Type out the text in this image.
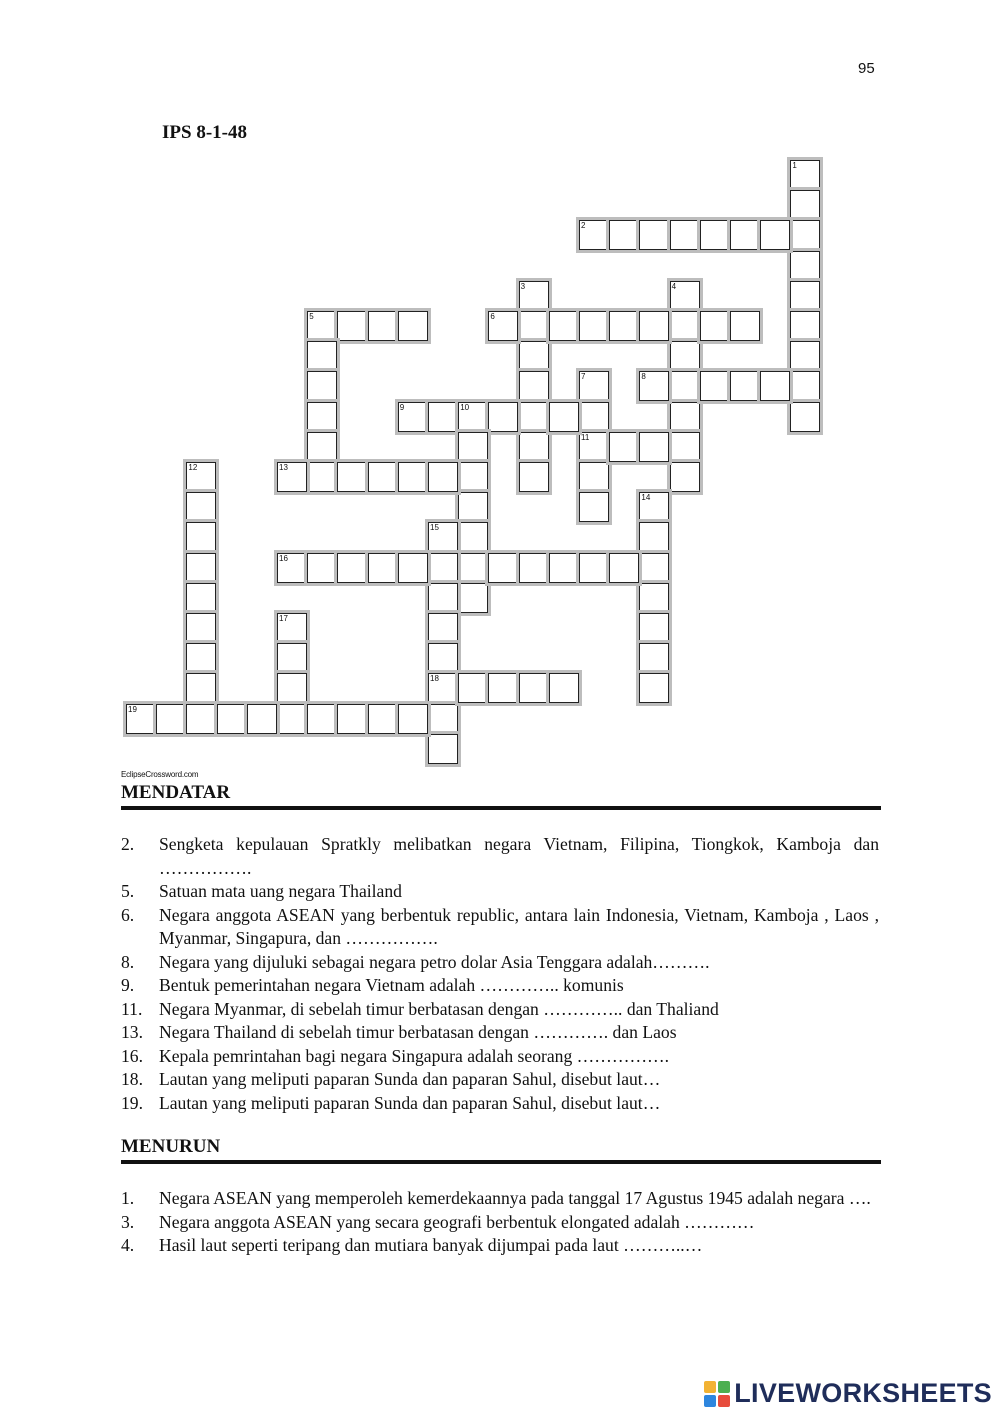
95
IPS 8-1-48
1
2
3	4
5	6
7
11
8
9	10
12	13
14
15
18
16
17
19
EclipseCrossword.com
MENDATAR
2. Sengketa kepulauan Spratkly melibatkan negara Vietnam, Filipina, Tiongkok, Kamboja dan …………….
5. Satuan mata uang negara Thailand
6. Negara anggota ASEAN yang berbentuk republic, antara lain Indonesia, Vietnam, Kamboja , Laos , Myanmar, Singapura, dan …………….
8. Negara yang dijuluki sebagai negara petro dolar Asia Tenggara adalah……….
9. Bentuk pemerintahan negara Vietnam adalah ………….. komunis
11. Negara Myanmar, di sebelah timur berbatasan dengan ………….. dan Thaliand
13. Negara Thailand di sebelah timur berbatasan dengan …………. dan Laos
16. Kepala pemrintahan bagi negara Singapura adalah seorang …………….
18. Lautan yang meliputi paparan Sunda dan paparan Sahul, disebut laut…
19. Lautan yang meliputi paparan Sunda dan paparan Sahul, disebut laut…
MENURUN
1. Negara ASEAN yang memperoleh kemerdekaannya pada tanggal 17 Agustus 1945 adalah negara ….
3. Negara anggota ASEAN yang secara geografi berbentuk elongated adalah …………
4. Hasil laut seperti teripang dan mutiara banyak dijumpai pada laut ………..…
LIVEWORKSHEETS
